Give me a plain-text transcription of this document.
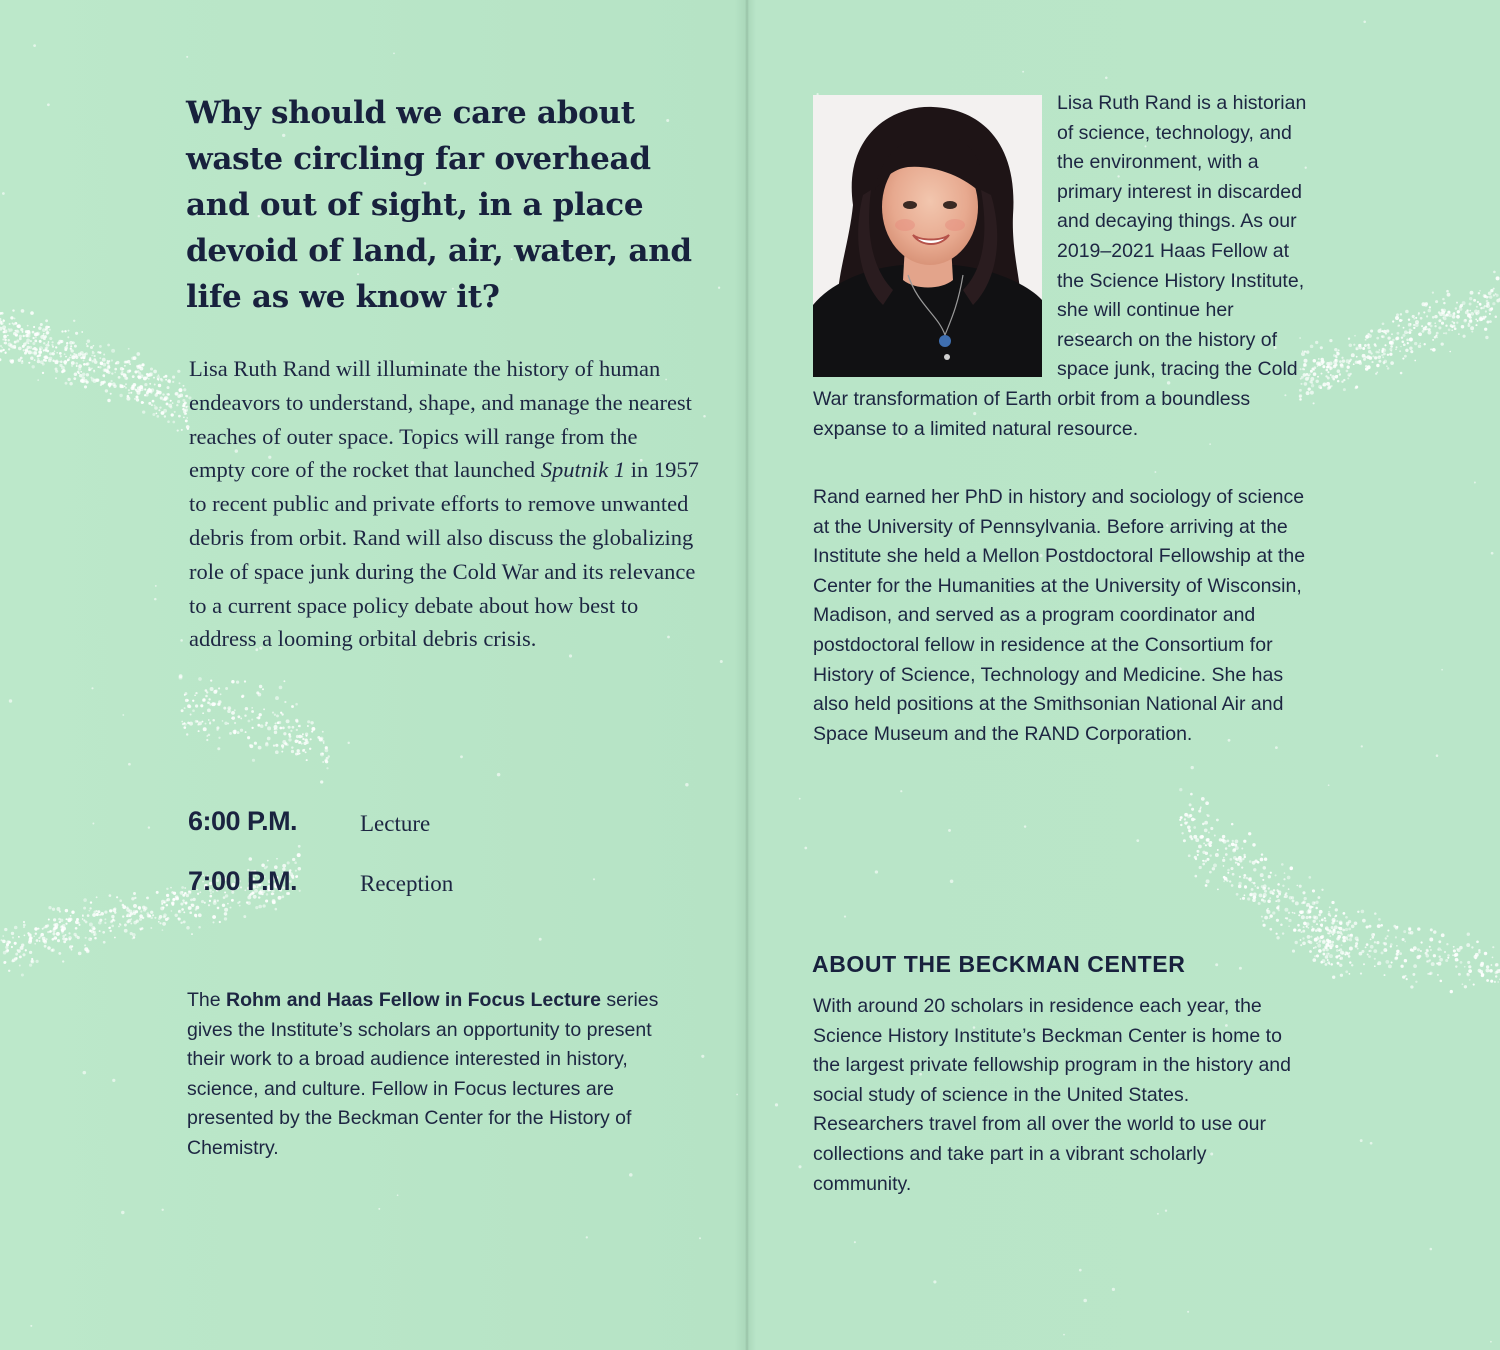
Why should we care about waste circling far overhead and out of sight, in a place devoid of land, air, water, and life as we know it?

Lisa Ruth Rand will illuminate the history of human endeavors to understand, shape, and manage the nearest reaches of outer space. Topics will range from the empty core of the rocket that launched Sputnik 1 in 1957 to recent public and private efforts to remove unwanted debris from orbit. Rand will also discuss the globalizing role of space junk during the Cold War and its relevance to a current space policy debate about how best to address a looming orbital debris crisis.

6:00 P.M.	Lecture
7:00 P.M.	Reception

The Rohm and Haas Fellow in Focus Lecture series gives the Institute’s scholars an opportunity to present their work to a broad audience interested in history, science, and culture. Fellow in Focus lectures are presented by the Beckman Center for the History of Chemistry.

Lisa Ruth Rand is a historian of science, technology, and the environment, with a primary interest in discarded and decaying things. As our 2019–2021 Haas Fellow at the Science History Institute, she will continue her research on the history of space junk, tracing the Cold War transformation of Earth orbit from a boundless expanse to a limited natural resource.

Rand earned her PhD in history and sociology of science at the University of Pennsylvania. Before arriving at the Institute she held a Mellon Postdoctoral Fellowship at the Center for the Humanities at the University of Wisconsin, Madison, and served as a program coordinator and postdoctoral fellow in residence at the Consortium for History of Science, Technology and Medicine. She has also held positions at the Smithsonian National Air and Space Museum and the RAND Corporation.

ABOUT THE BECKMAN CENTER

With around 20 scholars in residence each year, the Science History Institute’s Beckman Center is home to the largest private fellowship program in the history and social study of science in the United States. Researchers travel from all over the world to use our collections and take part in a vibrant scholarly community.
